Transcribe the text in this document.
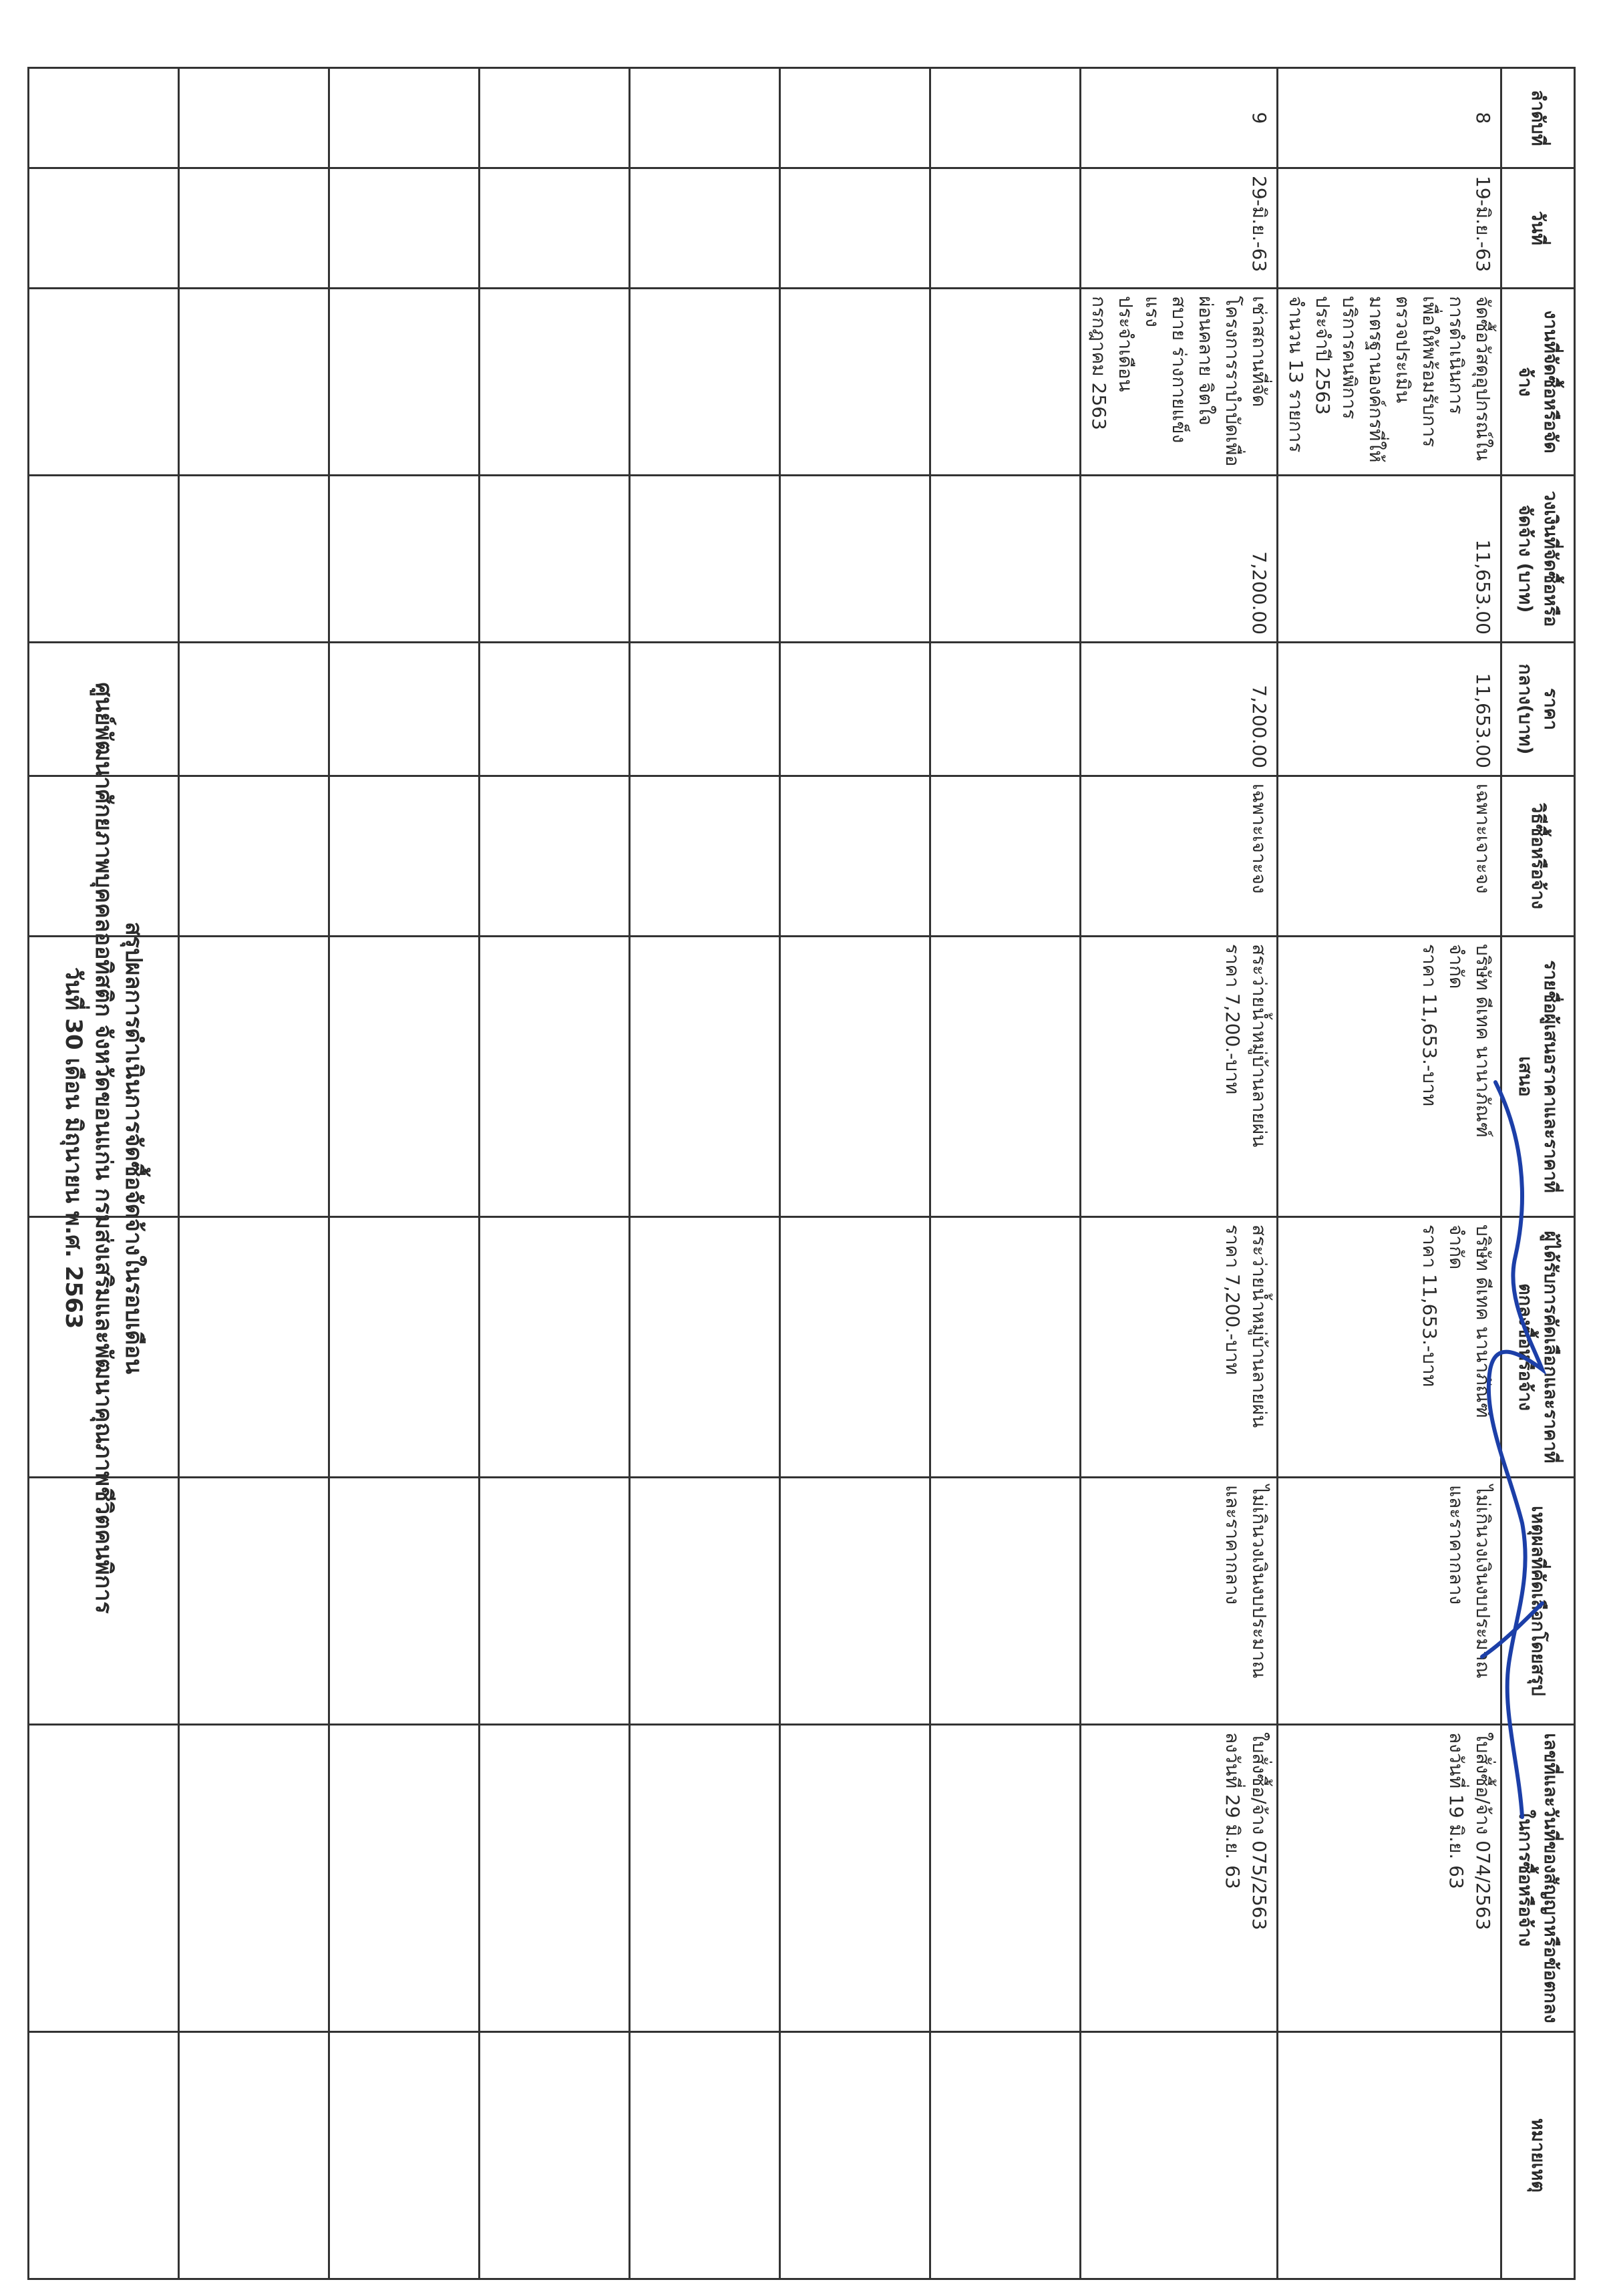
สรุปผลการดำเนินการจัดซื้อจัดจ้างในรอบเดือน
ศูนย์พัฒนาศักยภาพบุคคลออทิสติก จังหวัดขอนแก่น กรมส่งเสริมและพัฒนาคุณภาพชีวิตคนพิการ
วันที่ 30 เดือน มิถุนายน พ.ศ. 2563
ลำดับที่	วันที่	งานที่จัดซื้อหรือจัดจ้าง	วงเงินที่จัดซื้อหรือจัดจ้าง (บาท)	ราคากลาง(บาท)	วิธีซื้อหรือจ้าง	รายชื่อผู้เสนอราคาและราคาที่เสนอ	ผู้ได้รับการคัดเลือกและราคาที่ตกลงซื้อหรือจ้าง	เหตุผลที่คัดเลือกโดยสรุป	เลขที่และวันที่ของสัญญาหรือข้อตกลงในการซื้อหรือจ้าง	หมายเหตุ
8	19-มิ.ย.-63	จัดซื้อวัสดุอุปกรณ์ในการดำเนินการ
เพื่อให้พร้อมรับการตรวจประเมิน
มาตรฐานองค์กรที่ให้บริการคนพิการ ประจำปี 2563 จำนวน 13 รายการ	11,653.00	11,653.00	เฉพาะเจาะจง	บริษัท ดีเทค นานาภัณฑ์
จำกัด
ราคา 11,653.-บาท	บริษัท ดีเทค นานาภัณฑ์
จำกัด
ราคา 11,653.-บาท	ไม่เกินวงเงินงบประมาณ
และราคากลาง	ใบสั่งซื้อ/จ้าง 074/2563
ลงวันที่ 19 มิ.ย. 63	
9	29-มิ.ย.-63	เช่าสถานที่จัดโครงการราบำบัดเพื่อ
ผ่อนคลาย จิตใจสบาย ร่างกายแข็งแรง
ประจำเดือน กรกฎาคม 2563	7,200.00	7,200.00	เฉพาะเจาะจง	สระว่ายน้ำหมู่บ้านลายผ่น
ราคา 7,200.-บาท	สระว่ายน้ำหมู่บ้านลายผ่น
ราคา 7,200.-บาท	ไม่เกินวงเงินงบประมาณ
และราคากลาง	ใบสั่งซื้อ/จ้าง 075/2563
ลงวันที่ 29 มิ.ย. 63	
